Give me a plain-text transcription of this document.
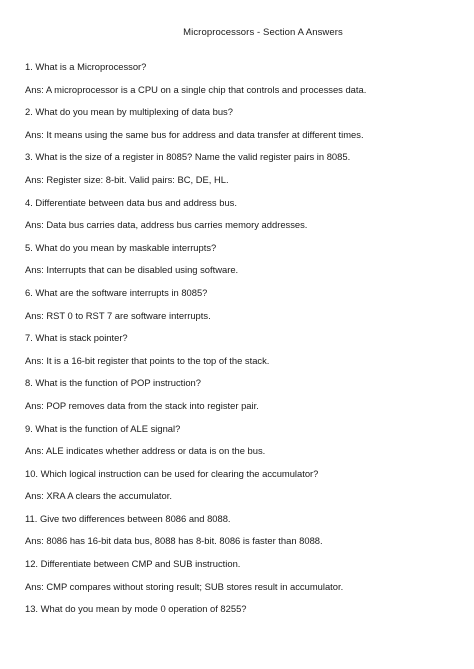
Microprocessors - Section A Answers
1. What is a Microprocessor?
Ans: A microprocessor is a CPU on a single chip that controls and processes data.
2. What do you mean by multiplexing of data bus?
Ans: It means using the same bus for address and data transfer at different times.
3. What is the size of a register in 8085? Name the valid register pairs in 8085.
Ans: Register size: 8-bit. Valid pairs: BC, DE, HL.
4. Differentiate between data bus and address bus.
Ans: Data bus carries data, address bus carries memory addresses.
5. What do you mean by maskable interrupts?
Ans: Interrupts that can be disabled using software.
6. What are the software interrupts in 8085?
Ans: RST 0 to RST 7 are software interrupts.
7. What is stack pointer?
Ans: It is a 16-bit register that points to the top of the stack.
8. What is the function of POP instruction?
Ans: POP removes data from the stack into register pair.
9. What is the function of ALE signal?
Ans: ALE indicates whether address or data is on the bus.
10. Which logical instruction can be used for clearing the accumulator?
Ans: XRA A clears the accumulator.
11. Give two differences between 8086 and 8088.
Ans: 8086 has 16-bit data bus, 8088 has 8-bit. 8086 is faster than 8088.
12. Differentiate between CMP and SUB instruction.
Ans: CMP compares without storing result; SUB stores result in accumulator.
13. What do you mean by mode 0 operation of 8255?
